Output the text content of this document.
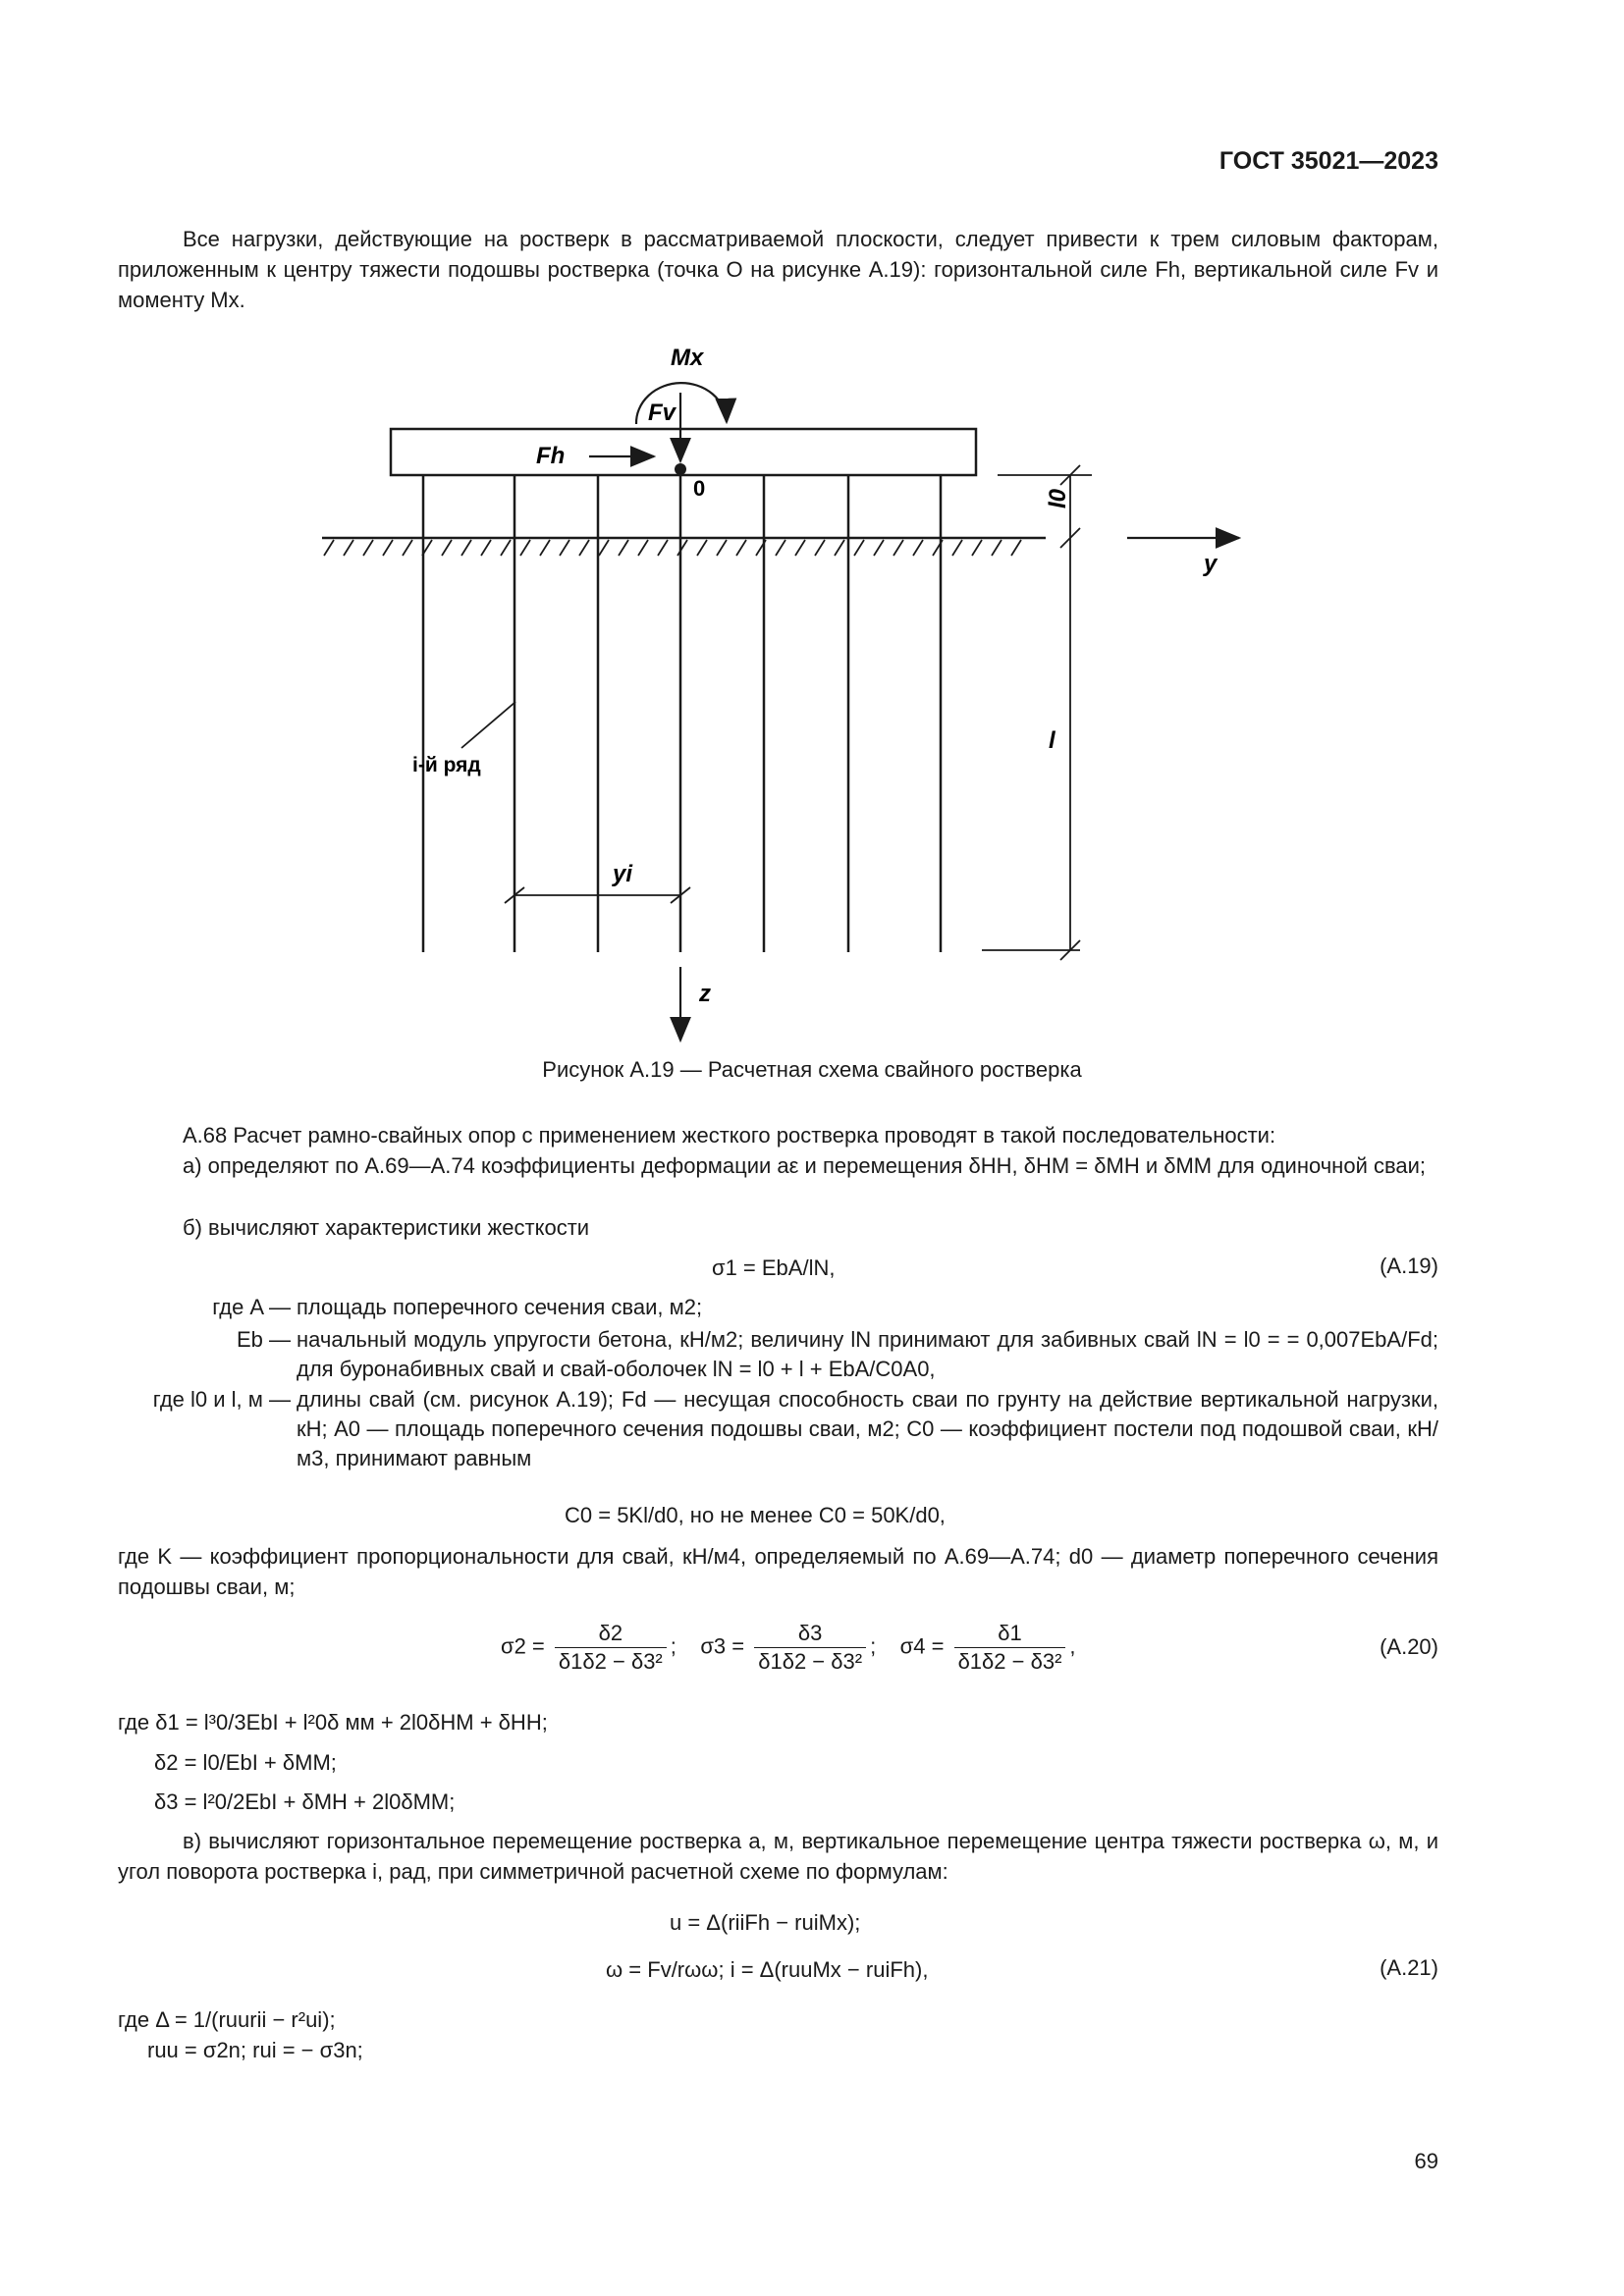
ГОСТ 35021—2023

Все нагрузки, действующие на ростверк в рассматриваемой плоскости, следует привести к трем силовым факторам, приложенным к центру тяжести подошвы ростверка (точка О на рисунке А.19): горизонтальной силе Fh, вертикальной силе Fv и моменту Mx.

Mx
Fv
Fh
0	l0
y
l
i-й ряд
yi
z
Рисунок А.19 — Расчетная схема свайного ростверка

А.68 Расчет рамно-свайных опор с применением жесткого ростверка проводят в такой последовательности:

а) определяют по А.69—А.74 коэффициенты деформации aε и перемещения δНН, δНМ = δМН и δММ для одиночной сваи;

б) вычисляют характеристики жесткости
σ1 = EbA/lN,	(А.19)
где A — площадь поперечного сечения сваи, м2;
Eb — начальный модуль упругости бетона, кН/м2; величину lN принимают для забивных свай lN = l0 = = 0,007EbA/Fd; для буронабивных свай и свай-оболочек lN = l0 + l + EbA/C0A0,
где l0 и l, м — длины свай (см. рисунок А.19); Fd — несущая способность сваи по грунту на действие вертикальной нагрузки, кН; A0 — площадь поперечного сечения подошвы сваи, м2; C0 — коэффициент постели под подошвой сваи, кН/м3, принимают равным
C0 = 5Kl/d0, но не менее C0 = 50K/d0,

где K — коэффициент пропорциональности для свай, кН/м4, определяемый по А.69—А.74; d0 — диаметр поперечного сечения подошвы сваи, м;

$\sigma 2 = \frac{\delta 2}{\text{δ1δ2 − δ3²}}$ ; $\sigma 3 = \frac{\delta 3}{\text{δ1δ2 − δ3²}}$ ; $\sigma 4 = \frac{\delta 1}{\text{δ1δ2 − δ3²}}$ ,	(А.20)
где δ1 = l³0/3EbI + l²0δ мм + 2l0δНМ + δНН;
δ2 = l0/EbI + δММ;
δ3 = l²0/2EbI + δМН + 2l0δММ;

в) вычисляют горизонтальное перемещение ростверка a, м, вертикальное перемещение центра тяжести ростверка ω, м, и угол поворота ростверка i, рад, при симметричной расчетной схеме по формулам:

u = Δ(riiFh − ruiMx);
ω = Fv/rωω; i = Δ(ruuMx − ruiFh),	(А.21)
где Δ = 1/(ruurii − r²ui);
ruu = σ2n; rui = − σ3n;
69
